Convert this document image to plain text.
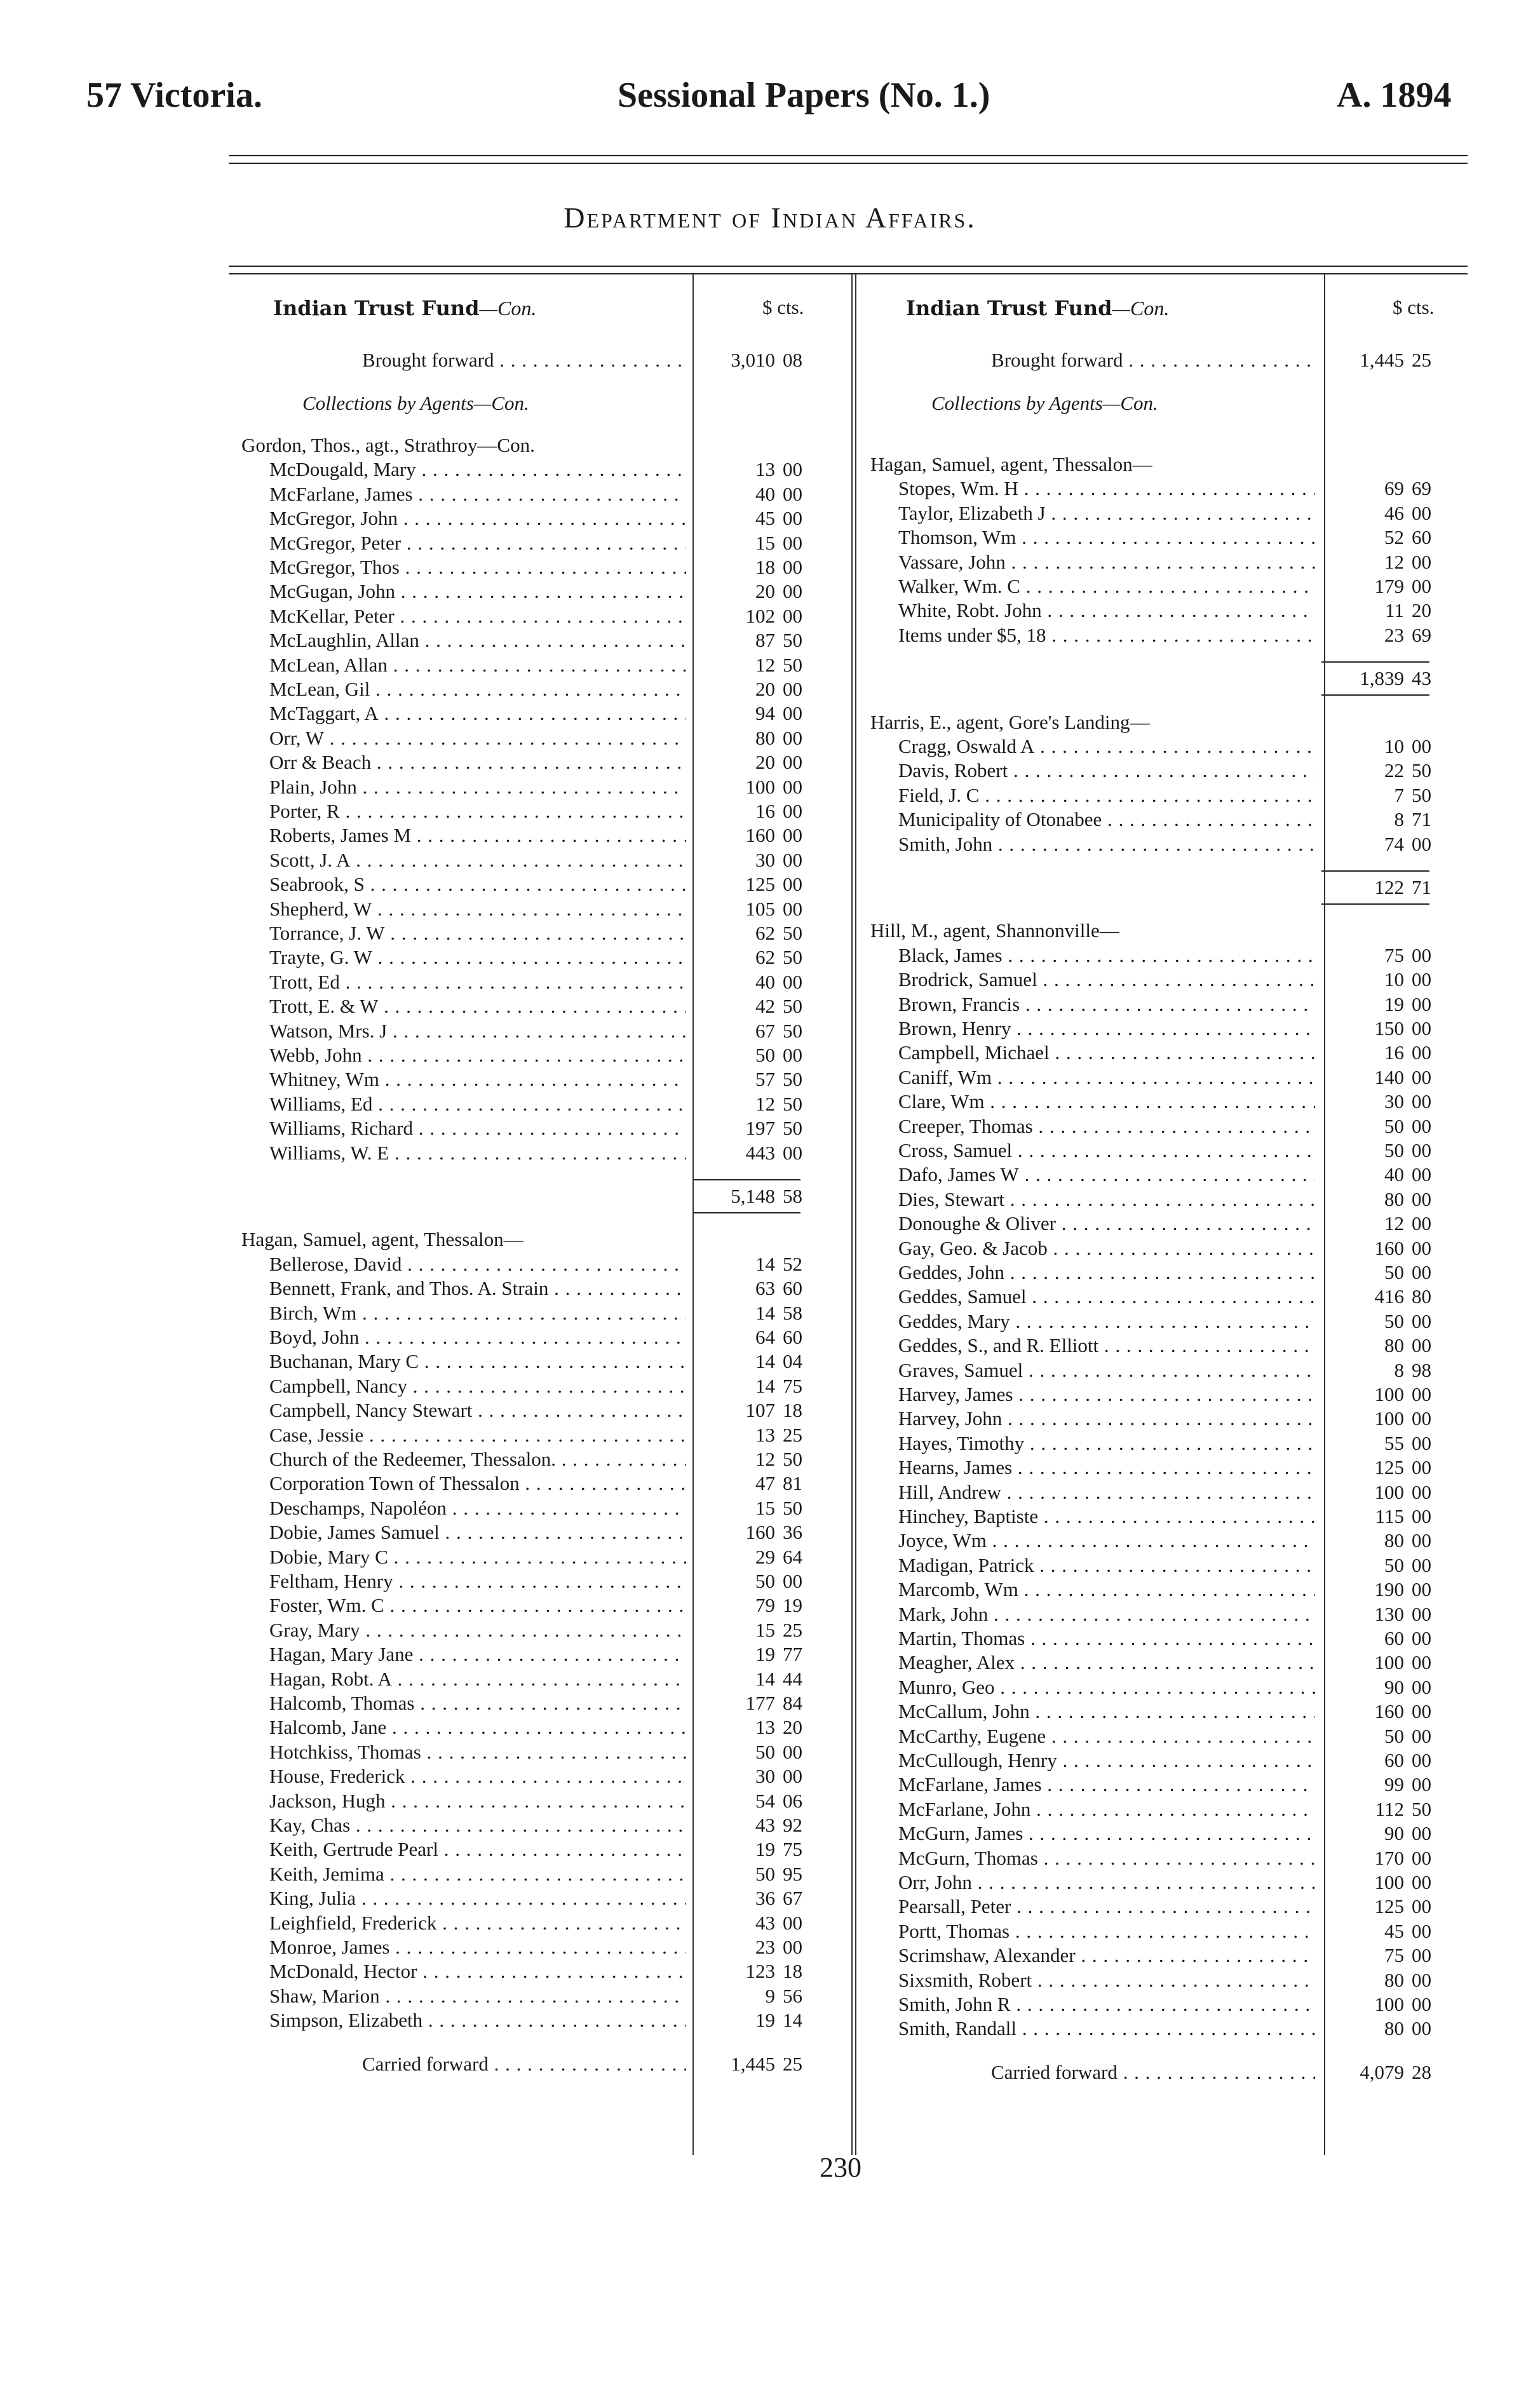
57 Victoria.	Sessional Papers (No. 1.)	A. 1894
Department of Indian Affairs.
Indian Trust Fund—Con.	$ cts.	Indian Trust Fund—Con.	$ cts.
Brought forward . . .	3,010 08
Collections by Agents—Con.
Gordon, Thos., agt., Strathroy—Con.
McDougald, Mary . . .	13 00
McFarlane, James . . .	40 00
McGregor, John . . .	45 00
McGregor, Peter . . .	15 00
McGregor, Thos . . .	18 00
McGugan, John . . .	20 00
McKellar, Peter . . .	102 00
McLaughlin, Allan . . .	87 50
McLean, Allan . . .	12 50
McLean, Gil . . .	20 00
McTaggart, A . . .	94 00
Orr, W . . .	80 00
Orr & Beach . . .	20 00
Plain, John . . .	100 00
Porter, R . . .	16 00
Roberts, James M . . .	160 00
Scott, J. A . . .	30 00
Seabrook, S . . .	125 00
Shepherd, W . . .	105 00
Torrance, J. W . . .	62 50
Trayte, G. W . . .	62 50
Trott, Ed . . .	40 00
Trott, E. & W . . .	42 50
Watson, Mrs. J . . .	67 50
Webb, John . . .	50 00
Whitney, Wm . . .	57 50
Williams, Ed . . .	12 50
Williams, Richard . . .	197 50
Williams, W. E . . .	443 00
5,148 58
Hagan, Samuel, agent, Thessalon—
Bellerose, David . . .	14 52
Bennett, Frank, and Thos. A. Strain . . .	63 60
Birch, Wm . . .	14 58
Boyd, John . . .	64 60
Buchanan, Mary C . . .	14 04
Campbell, Nancy . . .	14 75
Campbell, Nancy Stewart . . .	107 18
Case, Jessie . . .	13 25
Church of the Redeemer, Thessalon. . . .	12 50
Corporation Town of Thessalon . . .	47 81
Deschamps, Napoléon . . .	15 50
Dobie, James Samuel . . .	160 36
Dobie, Mary C . . .	29 64
Feltham, Henry . . .	50 00
Foster, Wm. C . . .	79 19
Gray, Mary . . .	15 25
Hagan, Mary Jane . . .	19 77
Hagan, Robt. A . . .	14 44
Halcomb, Thomas . . .	177 84
Halcomb, Jane . . .	13 20
Hotchkiss, Thomas . . .	50 00
House, Frederick . . .	30 00
Jackson, Hugh . . .	54 06
Kay, Chas . . .	43 92
Keith, Gertrude Pearl . . .	19 75
Keith, Jemima . . .	50 95
King, Julia . . .	36 67
Leighfield, Frederick . . .	43 00
Monroe, James . . .	23 00
McDonald, Hector . . .	123 18
Shaw, Marion . . .	9 56
Simpson, Elizabeth . . .	19 14
Carried forward . . .	1,445 25
Brought forward . . .	1,445 25
Collections by Agents—Con.
Hagan, Samuel, agent, Thessalon—
Stopes, Wm. H . . .	69 69
Taylor, Elizabeth J . . .	46 00
Thomson, Wm . . .	52 60
Vassare, John . . .	12 00
Walker, Wm. C . . .	179 00
White, Robt. John . . .	11 20
Items under $5, 18 . . .	23 69
1,839 43
Harris, E., agent, Gore's Landing—
Cragg, Oswald A . . .	10 00
Davis, Robert . . .	22 50
Field, J. C . . .	7 50
Municipality of Otonabee . . .	8 71
Smith, John . . .	74 00
122 71
Hill, M., agent, Shannonville—
Black, James . . .	75 00
Brodrick, Samuel . . .	10 00
Brown, Francis . . .	19 00
Brown, Henry . . .	150 00
Campbell, Michael . . .	16 00
Caniff, Wm . . .	140 00
Clare, Wm . . .	30 00
Creeper, Thomas . . .	50 00
Cross, Samuel . . .	50 00
Dafo, James W . . .	40 00
Dies, Stewart . . .	80 00
Donoughe & Oliver . . .	12 00
Gay, Geo. & Jacob . . .	160 00
Geddes, John . . .	50 00
Geddes, Samuel . . .	416 80
Geddes, Mary . . .	50 00
Geddes, S., and R. Elliott . . .	80 00
Graves, Samuel . . .	8 98
Harvey, James . . .	100 00
Harvey, John . . .	100 00
Hayes, Timothy . . .	55 00
Hearns, James . . .	125 00
Hill, Andrew . . .	100 00
Hinchey, Baptiste . . .	115 00
Joyce, Wm . . .	80 00
Madigan, Patrick . . .	50 00
Marcomb, Wm . . .	190 00
Mark, John . . .	130 00
Martin, Thomas . . .	60 00
Meagher, Alex . . .	100 00
Munro, Geo . . .	90 00
McCallum, John . . .	160 00
McCarthy, Eugene . . .	50 00
McCullough, Henry . . .	60 00
McFarlane, James . . .	99 00
McFarlane, John . . .	112 50
McGurn, James . . .	90 00
McGurn, Thomas . . .	170 00
Orr, John . . .	100 00
Pearsall, Peter . . .	125 00
Portt, Thomas . . .	45 00
Scrimshaw, Alexander . . .	75 00
Sixsmith, Robert . . .	80 00
Smith, John R . . .	100 00
Smith, Randall . . .	80 00
Carried forward . . .	4,079 28
230
